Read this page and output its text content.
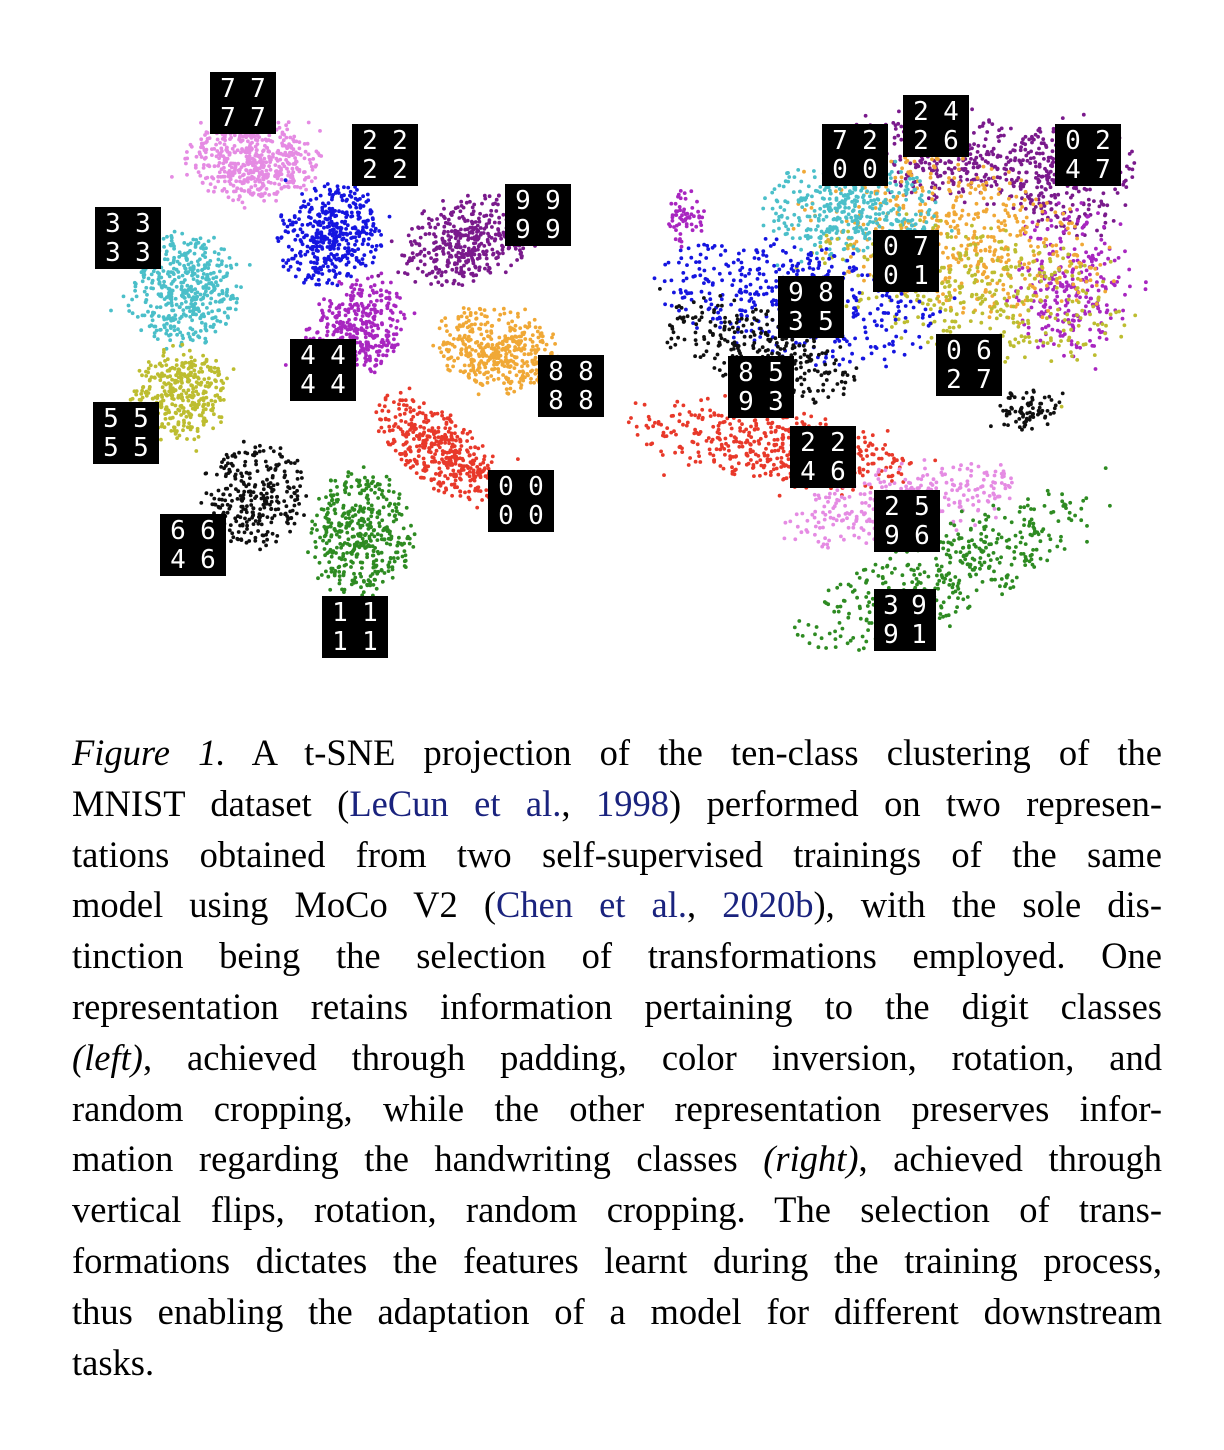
7 7
7 7
2 2
2 2
3 3
3 3
9 9
9 9
4 4
4 4	8 8
8 8
5 5
5 5
0 0
0 0
6 6
4 6
1 1
1 1
2 4
2 6
7 2
0 0
0 2
4 7
0 7
0 1
9 8
3 5
0 6
2 7
8 5
9 3
2 2
4 6
2 5
9 6
3 9
9 1
Figure 1. A t-SNE projection of the ten-class clustering of the
MNIST dataset (LeCun et al., 1998) performed on two represen-
tations obtained from two self-supervised trainings of the same
model using MoCo V2 (Chen et al., 2020b), with the sole dis-
tinction being the selection of transformations employed. One
representation retains information pertaining to the digit classes
(left), achieved through padding, color inversion, rotation, and
random cropping, while the other representation preserves infor-
mation regarding the handwriting classes (right), achieved through
vertical flips, rotation, random cropping. The selection of trans-
formations dictates the features learnt during the training process,
thus enabling the adaptation of a model for different downstream
tasks.
